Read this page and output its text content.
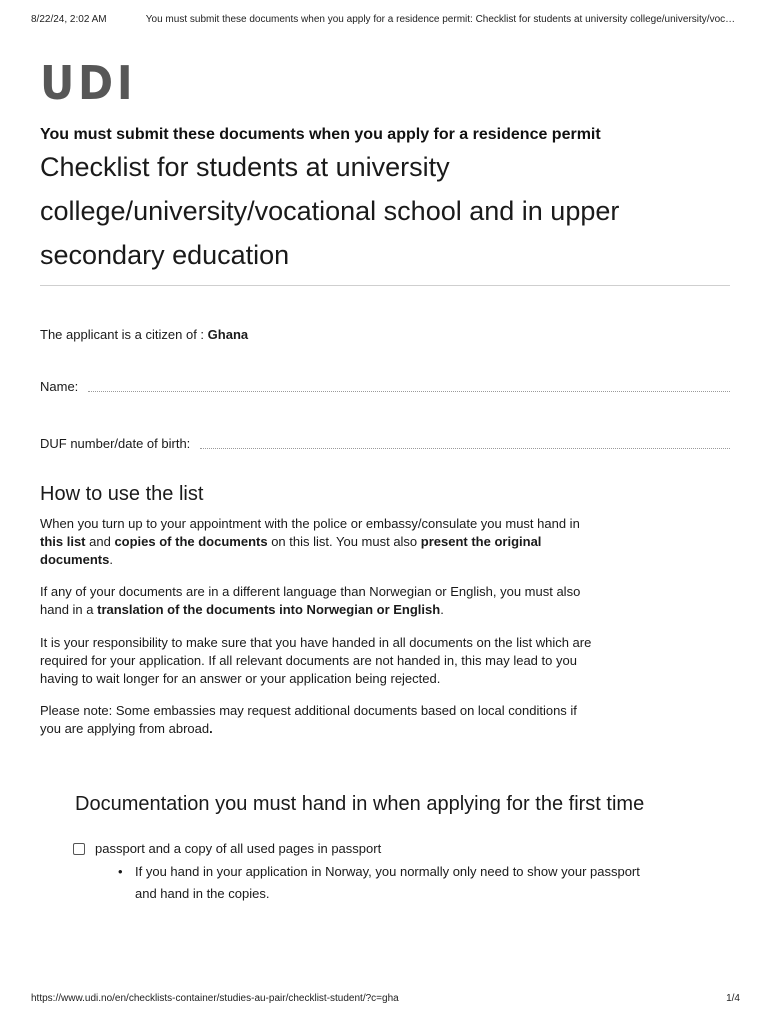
8/22/24, 2:02 AM	You must submit these documents when you apply for a residence permit: Checklist for students at university college/university/voc…
UDI
You must submit these documents when you apply for a residence permit
Checklist for students at university college/university/vocational school and in upper secondary education
The applicant is a citizen of : Ghana
Name:
DUF number/date of birth:
How to use the list

When you turn up to your appointment with the police or embassy/consulate you must hand in this list and copies of the documents on this list. You must also present the original documents.

If any of your documents are in a different language than Norwegian or English, you must also hand in a translation of the documents into Norwegian or English.

It is your responsibility to make sure that you have handed in all documents on the list which are required for your application. If all relevant documents are not handed in, this may lead to you having to wait longer for an answer or your application being rejected.

Please note: Some embassies may request additional documents based on local conditions if you are applying from abroad.

Documentation you must hand in when applying for the first time
passport and a copy of all used pages in passport
• If you hand in your application in Norway, you normally only need to show your passport and hand in the copies.
https://www.udi.no/en/checklists-container/studies-au-pair/checklist-student/?c=gha	1/4
